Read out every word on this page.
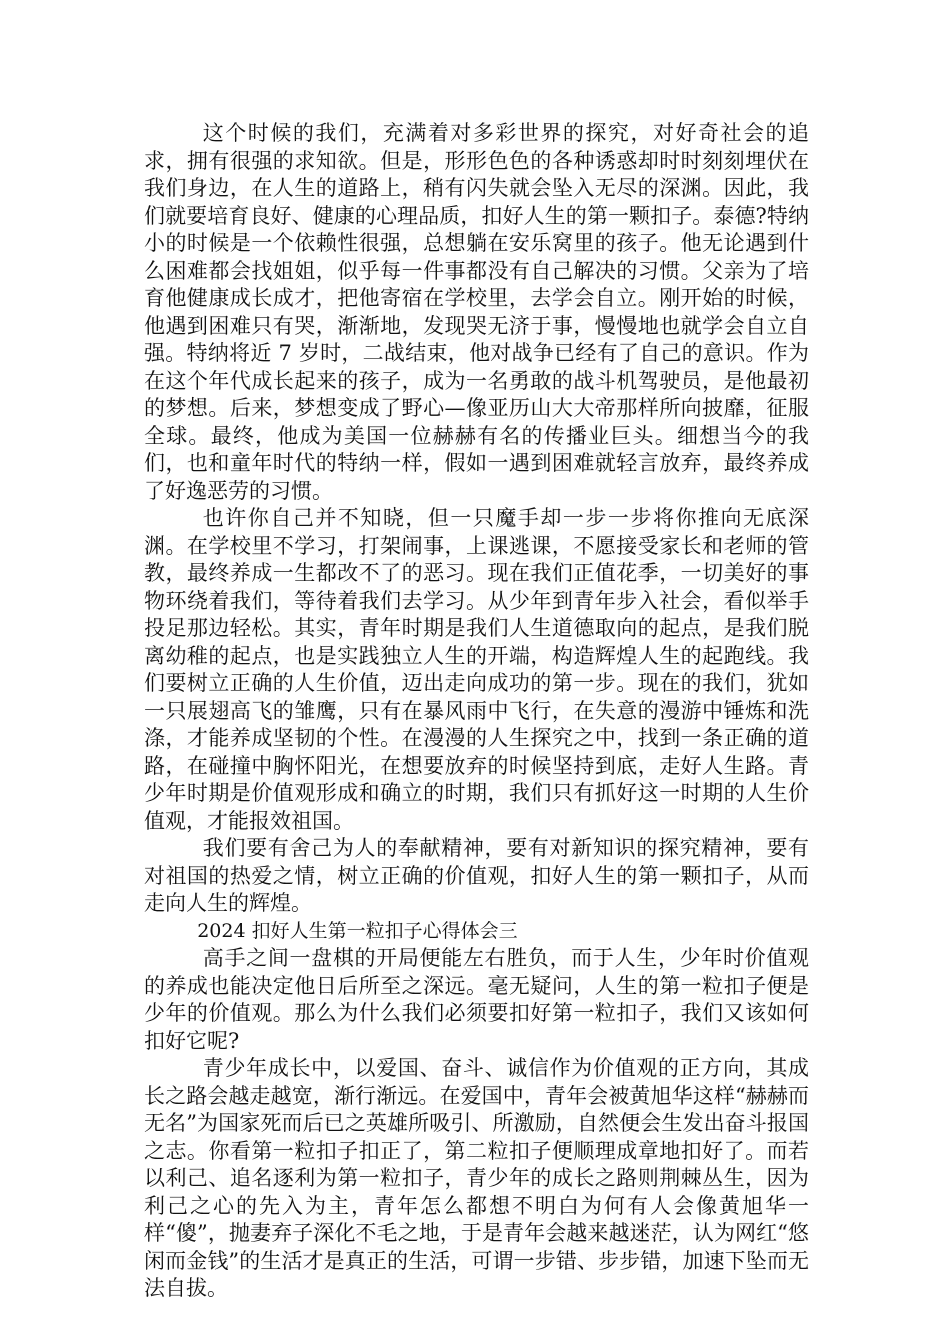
这个时候的我们，充满着对多彩世界的探究，对好奇社会的追求，拥有很强的求知欲。但是，形形色色的各种诱惑却时时刻刻埋伏在我们身边，在人生的道路上，稍有闪失就会坠入无尽的深渊。因此，我们就要培育良好、健康的心理品质，扣好人生的第一颗扣子。泰德?特纳小的时候是一个依赖性很强，总想躺在安乐窝里的孩子。他无论遇到什么困难都会找姐姐，似乎每一件事都没有自己解决的习惯。父亲为了培育他健康成长成才，把他寄宿在学校里，去学会自立。刚开始的时候，他遇到困难只有哭，渐渐地，发现哭无济于事，慢慢地也就学会自立自强。特纳将近 7 岁时，二战结束，他对战争已经有了自己的意识。作为在这个年代成长起来的孩子，成为一名勇敢的战斗机驾驶员，是他最初的梦想。后来，梦想变成了野心—像亚历山大大帝那样所向披靡，征服全球。最终，他成为美国一位赫赫有名的传播业巨头。细想当今的我们，也和童年时代的特纳一样，假如一遇到困难就轻言放弃，最终养成了好逸恶劳的习惯。

也许你自己并不知晓，但一只魔手却一步一步将你推向无底深渊。在学校里不学习，打架闹事，上课逃课，不愿接受家长和老师的管教，最终养成一生都改不了的恶习。现在我们正值花季，一切美好的事物环绕着我们，等待着我们去学习。从少年到青年步入社会，看似举手投足那边轻松。其实，青年时期是我们人生道德取向的起点，是我们脱离幼稚的起点，也是实践独立人生的开端，构造辉煌人生的起跑线。我们要树立正确的人生价值，迈出走向成功的第一步。现在的我们，犹如一只展翅高飞的雏鹰，只有在暴风雨中飞行，在失意的漫游中锤炼和洗涤，才能养成坚韧的个性。在漫漫的人生探究之中，找到一条正确的道路，在碰撞中胸怀阳光，在想要放弃的时候坚持到底，走好人生路。青少年时期是价值观形成和确立的时期，我们只有抓好这一时期的人生价值观，才能报效祖国。

我们要有舍己为人的奉献精神，要有对新知识的探究精神，要有对祖国的热爱之情，树立正确的价值观，扣好人生的第一颗扣子，从而走向人生的辉煌。

2024 扣好人生第一粒扣子心得体会三

高手之间一盘棋的开局便能左右胜负，而于人生，少年时价值观的养成也能决定他日后所至之深远。毫无疑问，人生的第一粒扣子便是少年的价值观。那么为什么我们必须要扣好第一粒扣子，我们又该如何扣好它呢?

青少年成长中，以爱国、奋斗、诚信作为价值观的正方向，其成长之路会越走越宽，渐行渐远。在爱国中，青年会被黄旭华这样“赫赫而无名”为国家死而后已之英雄所吸引、所激励，自然便会生发出奋斗报国之志。你看第一粒扣子扣正了，第二粒扣子便顺理成章地扣好了。而若以利己、追名逐利为第一粒扣子，青少年的成长之路则荆棘丛生，因为利己之心的先入为主，青年怎么都想不明白为何有人会像黄旭华一样“傻”，抛妻弃子深化不毛之地，于是青年会越来越迷茫，认为网红“悠闲而金钱”的生活才是真正的生活，可谓一步错、步步错，加速下坠而无法自拔。
